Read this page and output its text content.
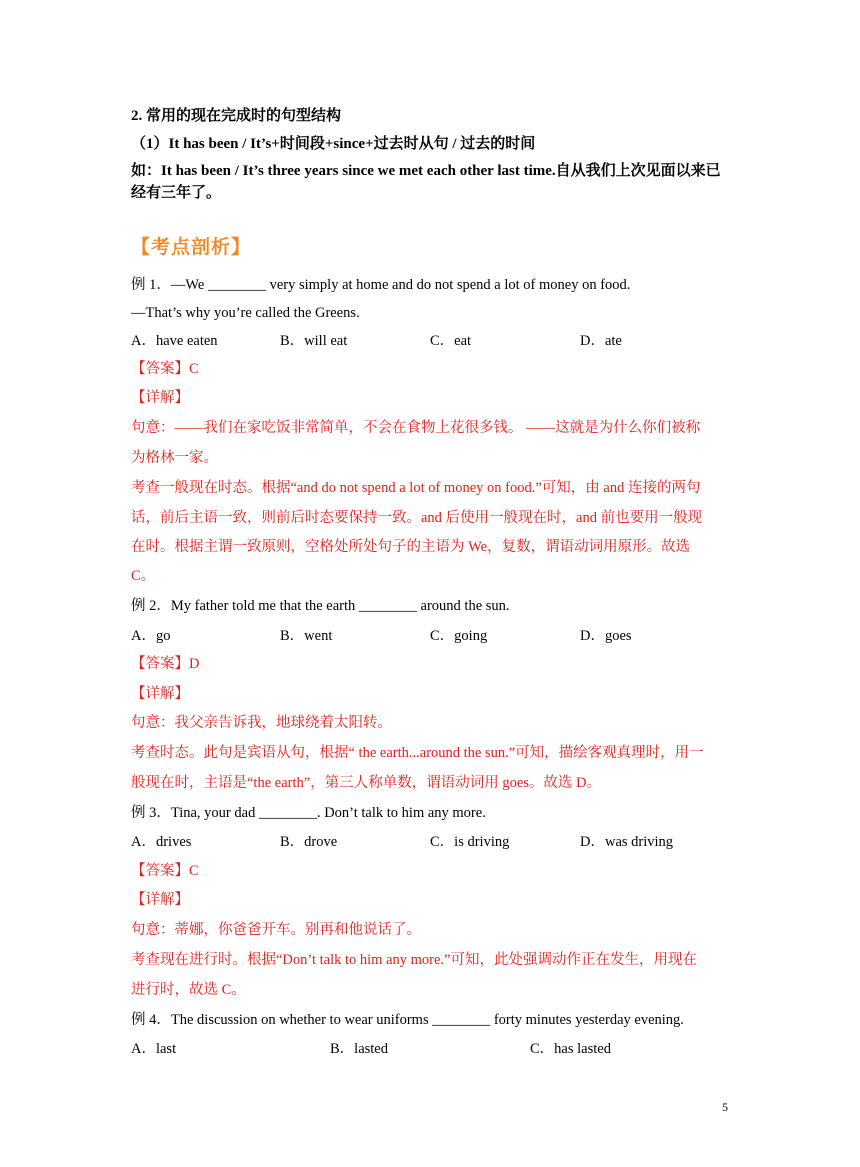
2. 常用的现在完成时的句型结构
（1）It has been / It’s+时间段+since+过去时从句 / 过去的时间
如：It has been / It’s three years since we met each other last time.自从我们上次见面以来已
经有三年了。
【考点剖析】
例 1．—We ________ very simply at home and do not spend a lot of money on food.
—That’s why you’re called the Greens.
A．have eaten	B．will eat	C．eat	D．ate
【答案】C
【详解】
句意：——我们在家吃饭非常简单，不会在食物上花很多钱。 ——这就是为什么你们被称
为格林一家。
考查一般现在时态。根据“and do not spend a lot of money on food.”可知，由 and 连接的两句
话，前后主语一致，则前后时态要保持一致。and 后使用一般现在时，and 前也要用一般现
在时。根据主谓一致原则，空格处所处句子的主语为 We，复数，谓语动词用原形。故选
C。
例 2．My father told me that the earth ________ around the sun.
A．go	B．went	C．going	D．goes
【答案】D
【详解】
句意：我父亲告诉我，地球绕着太阳转。
考查时态。此句是宾语从句，根据“ the earth...around the sun.”可知，描绘客观真理时，用一
般现在时，主语是“the earth”，第三人称单数，谓语动词用 goes。故选 D。
例 3．Tina, your dad ________. Don’t talk to him any more.
A．drives	B．drove	C．is driving	D．was driving
【答案】C
【详解】
句意：蒂娜，你爸爸开车。别再和他说话了。
考查现在进行时。根据“Don’t talk to him any more.”可知，此处强调动作正在发生，用现在
进行时，故选 C。
例 4．The discussion on whether to wear uniforms ________ forty minutes yesterday evening.
A．last	B．lasted	C．has lasted
5
